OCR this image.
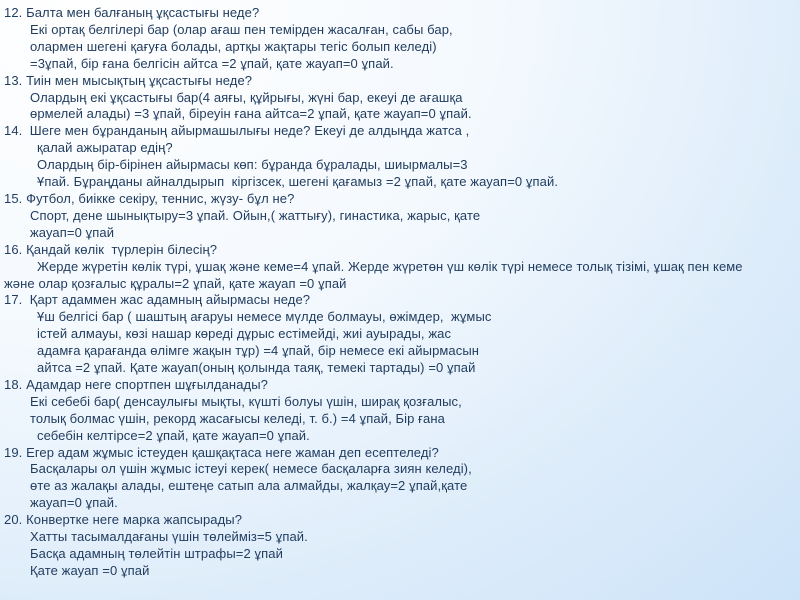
12. Балта мен балғаның ұқсастығы неде?
Екі ортақ белгілері бар (олар ағаш пен темірден жасалған, сабы бар,
олармен шегені қағуға болады, артқы жақтары тегіс болып келеді)
=3ұпай, бір ғана белгісін айтса =2 ұпай, қате жауап=0 ұпай.
13. Тиін мен мысықтың ұқсастығы неде?
Олардың екі ұқсастығы бар(4 аяғы, құйрығы, жүні бар, екеуі де ағашқа
өрмелей алады) =3 ұпай, біреуін ғана айтса=2 ұпай, қате жауап=0 ұпай.
14.  Шеге мен бұранданың айырмашылығы неде? Екеуі де алдыңда жатса ,
қалай ажыратар едің?
Олардың бір-бірінен айырмасы көп: бұранда бұралады, шиырмалы=3
Ұпай. Бұраңданы айналдырып  кіргізсек, шегені қағамыз =2 ұпай, қате жауап=0 ұпай.
15. Футбол, биікке секіру, теннис, жүзу- бұл не?
Спорт, дене шынықтыру=3 ұпай. Ойын,( жаттығу), гинастика, жарыс, қате
жауап=0 ұпай
16. Қандай көлік  түрлерін білесің?
Жерде жүретін көлік түрі, ұшақ және кеме=4 ұпай. Жерде жүретөн үш көлік түрі немесе толық тізімі, ұшақ пен кеме
және олар қозғалыс құралы=2 ұпай, қате жауап =0 ұпай
17.  Қарт адаммен жас адамның айырмасы неде?
Ұш белгісі бар ( шаштың ағаруы немесе мүлде болмауы, өжімдер,  жұмыс
істей алмауы, көзі нашар көреді дұрыс естімейді, жиі ауырады, жас
адамға қарағанда өлімге жақын тұр) =4 ұпай, бір немесе екі айырмасын
айтса =2 ұпай. Қате жауап(оның қолында таяқ, темекі тартады) =0 ұпай
18. Адамдар неге спортпен шұғылданады?
Екі себебі бар( денсаулығы мықты, күшті болуы үшін, ширақ қозғалыс,
толық болмас үшін, рекорд жасағысы келеді, т. б.) =4 ұпай, Бір ғана
себебін келтірсе=2 ұпай, қате жауап=0 ұпай.
19. Егер адам жұмыс істеуден қашқақтаса неге жаман деп есептеледі?
Басқалары ол үшін жұмыс істеуі керек( немесе басқаларға зиян келеді),
өте аз жалақы алады, ештеңе сатып ала алмайды, жалқау=2 ұпай,қате
жауап=0 ұпай.
20. Конвертке неге марка жапсырады?
Хатты тасымалдағаны үшін төлейміз=5 ұпай.
Басқа адамның төлейтін штрафы=2 ұпай
Қате жауап =0 ұпай
